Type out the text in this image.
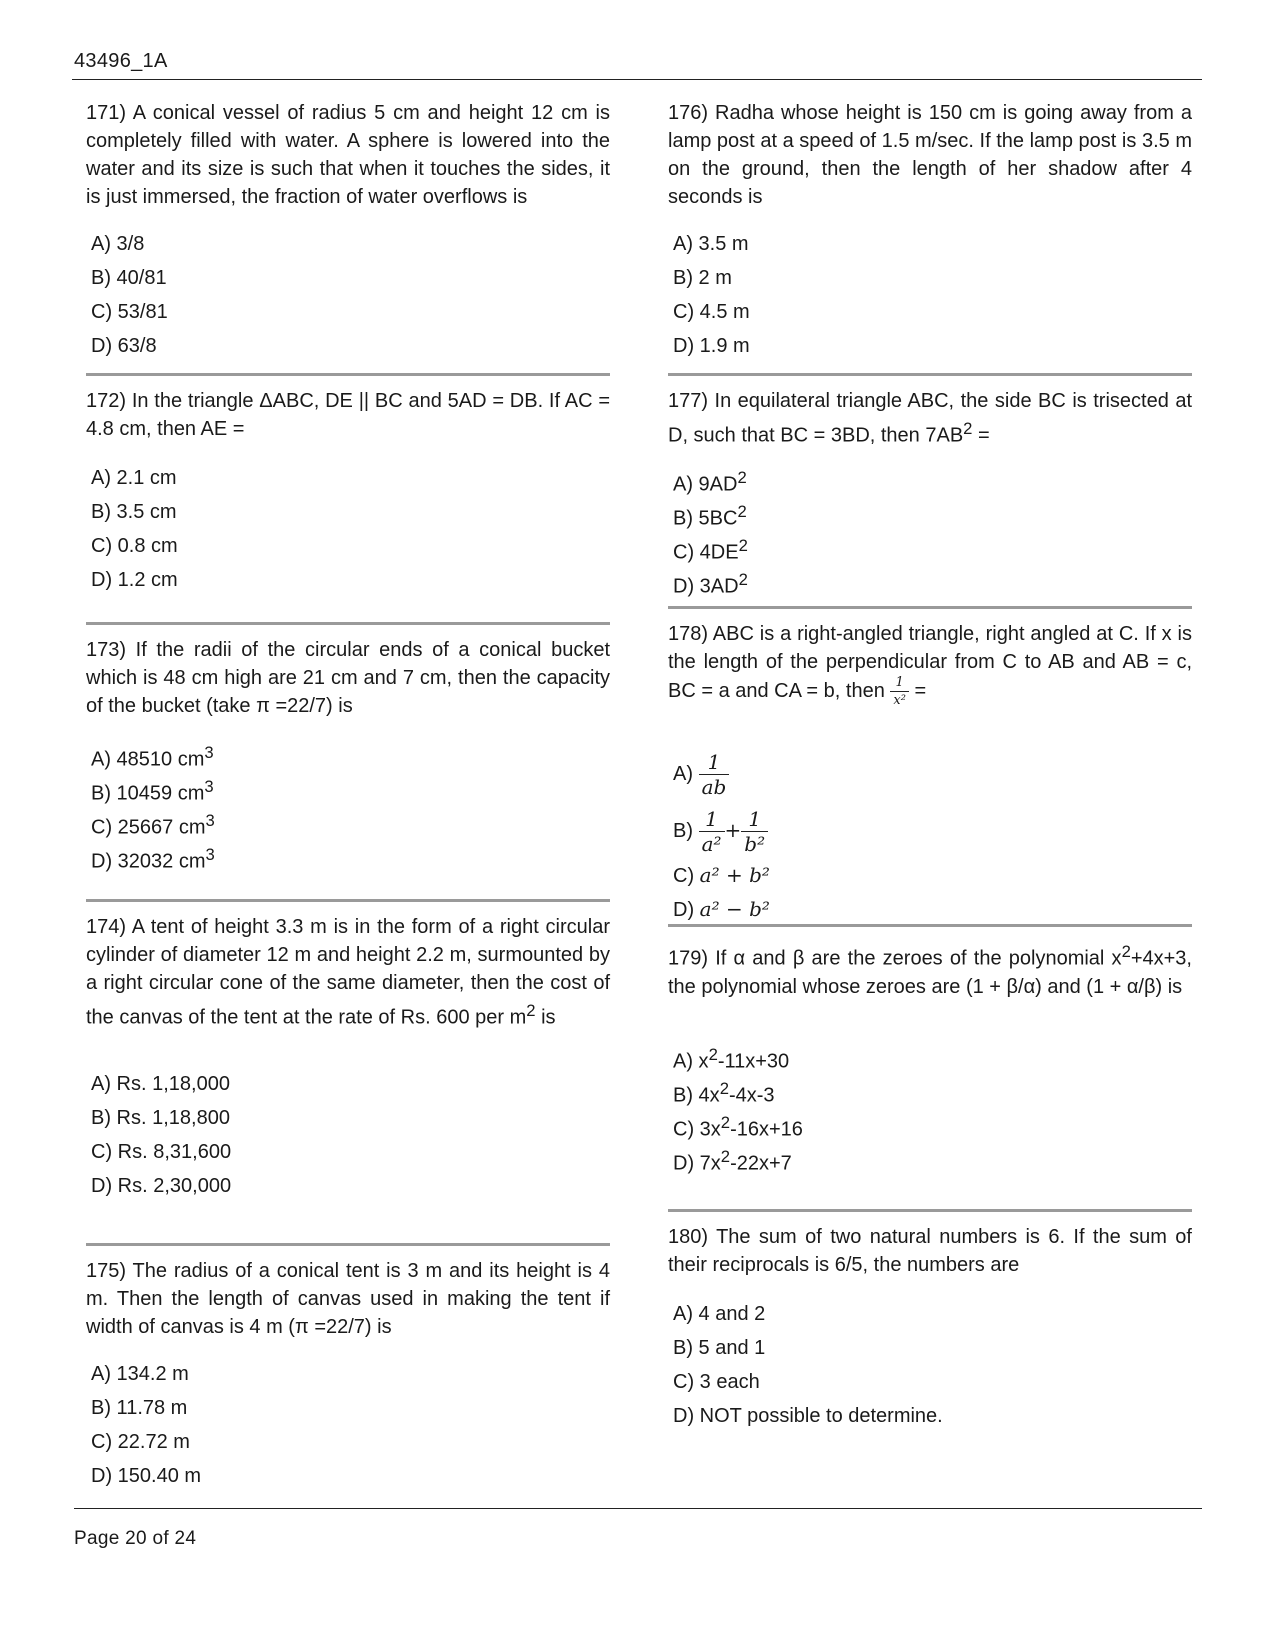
43496_1A

171) A conical vessel of radius 5 cm and height 12 cm is completely filled with water. A sphere is lowered into the water and its size is such that when it touches the sides, it is just immersed, the fraction of water overflows is

A) 3/8
B) 40/81
C) 53/81
D) 63/8

172) In the triangle ΔABC, DE || BC and 5AD = DB. If AC = 4.8 cm, then AE =

A) 2.1 cm
B) 3.5 cm
C) 0.8 cm
D) 1.2 cm

173) If the radii of the circular ends of a conical bucket which is 48 cm high are 21 cm and 7 cm, then the capacity of the bucket (take π =22/7) is

A) 48510 $cm^3$
B) 10459 $cm^3$
C) 25667 $cm^3$
D) 32032 $cm^3$

174) A tent of height 3.3 m is in the form of a right circular cylinder of diameter 12 m and height 2.2 m, surmounted by a right circular cone of the same diameter, then the cost of the canvas of the tent at the rate of Rs. 600 per $m^2$ is

A) Rs. 1,18,000
B) Rs. 1,18,800
C) Rs. 8,31,600
D) Rs. 2,30,000

175) The radius of a conical tent is 3 m and its height is 4 m. Then the length of canvas used in making the tent if width of canvas is 4 m (π =22/7) is

A) 134.2 m
B) 11.78 m
C) 22.72 m
D) 150.40 m

176) Radha whose height is 150 cm is going away from a lamp post at a speed of 1.5 m/sec. If the lamp post is 3.5 m on the ground, then the length of her shadow after 4 seconds is

A) 3.5 m
B) 2 m
C) 4.5 m
D) 1.9 m

177) In equilateral triangle ABC, the side BC is trisected at D, such that BC = 3BD, then $7AB^2$ =

A) $9AD^2$
B) $5BC^2$
C) $4DE^2$
D) $3AD^2$

178) ABC is a right-angled triangle, right angled at C. If x is the length of the perpendicular from C to AB and AB = c, BC = a and CA = b, then $\frac{1}{\text{x²}}$ =

$A) \frac{1}{ab}$
$B) \frac{1}{\text{a²}} + \frac{1}{\text{b²}}$
C) a² + b²
D) a² − b²

179) If α and β are the zeroes of the polynomial $x^2+4x+3$, the polynomial whose zeroes are (1 + β/α) and (1 + α/β) is

A) $x^2-11x+30$
B) $4x^2-4x-3$
C) $3x^2-16x+16$
D) $7x^2-22x+7$

180) The sum of two natural numbers is 6. If the sum of their reciprocals is 6/5, the numbers are

A) 4 and 2
B) 5 and 1
C) 3 each
D) NOT possible to determine.
Page 20 of 24
